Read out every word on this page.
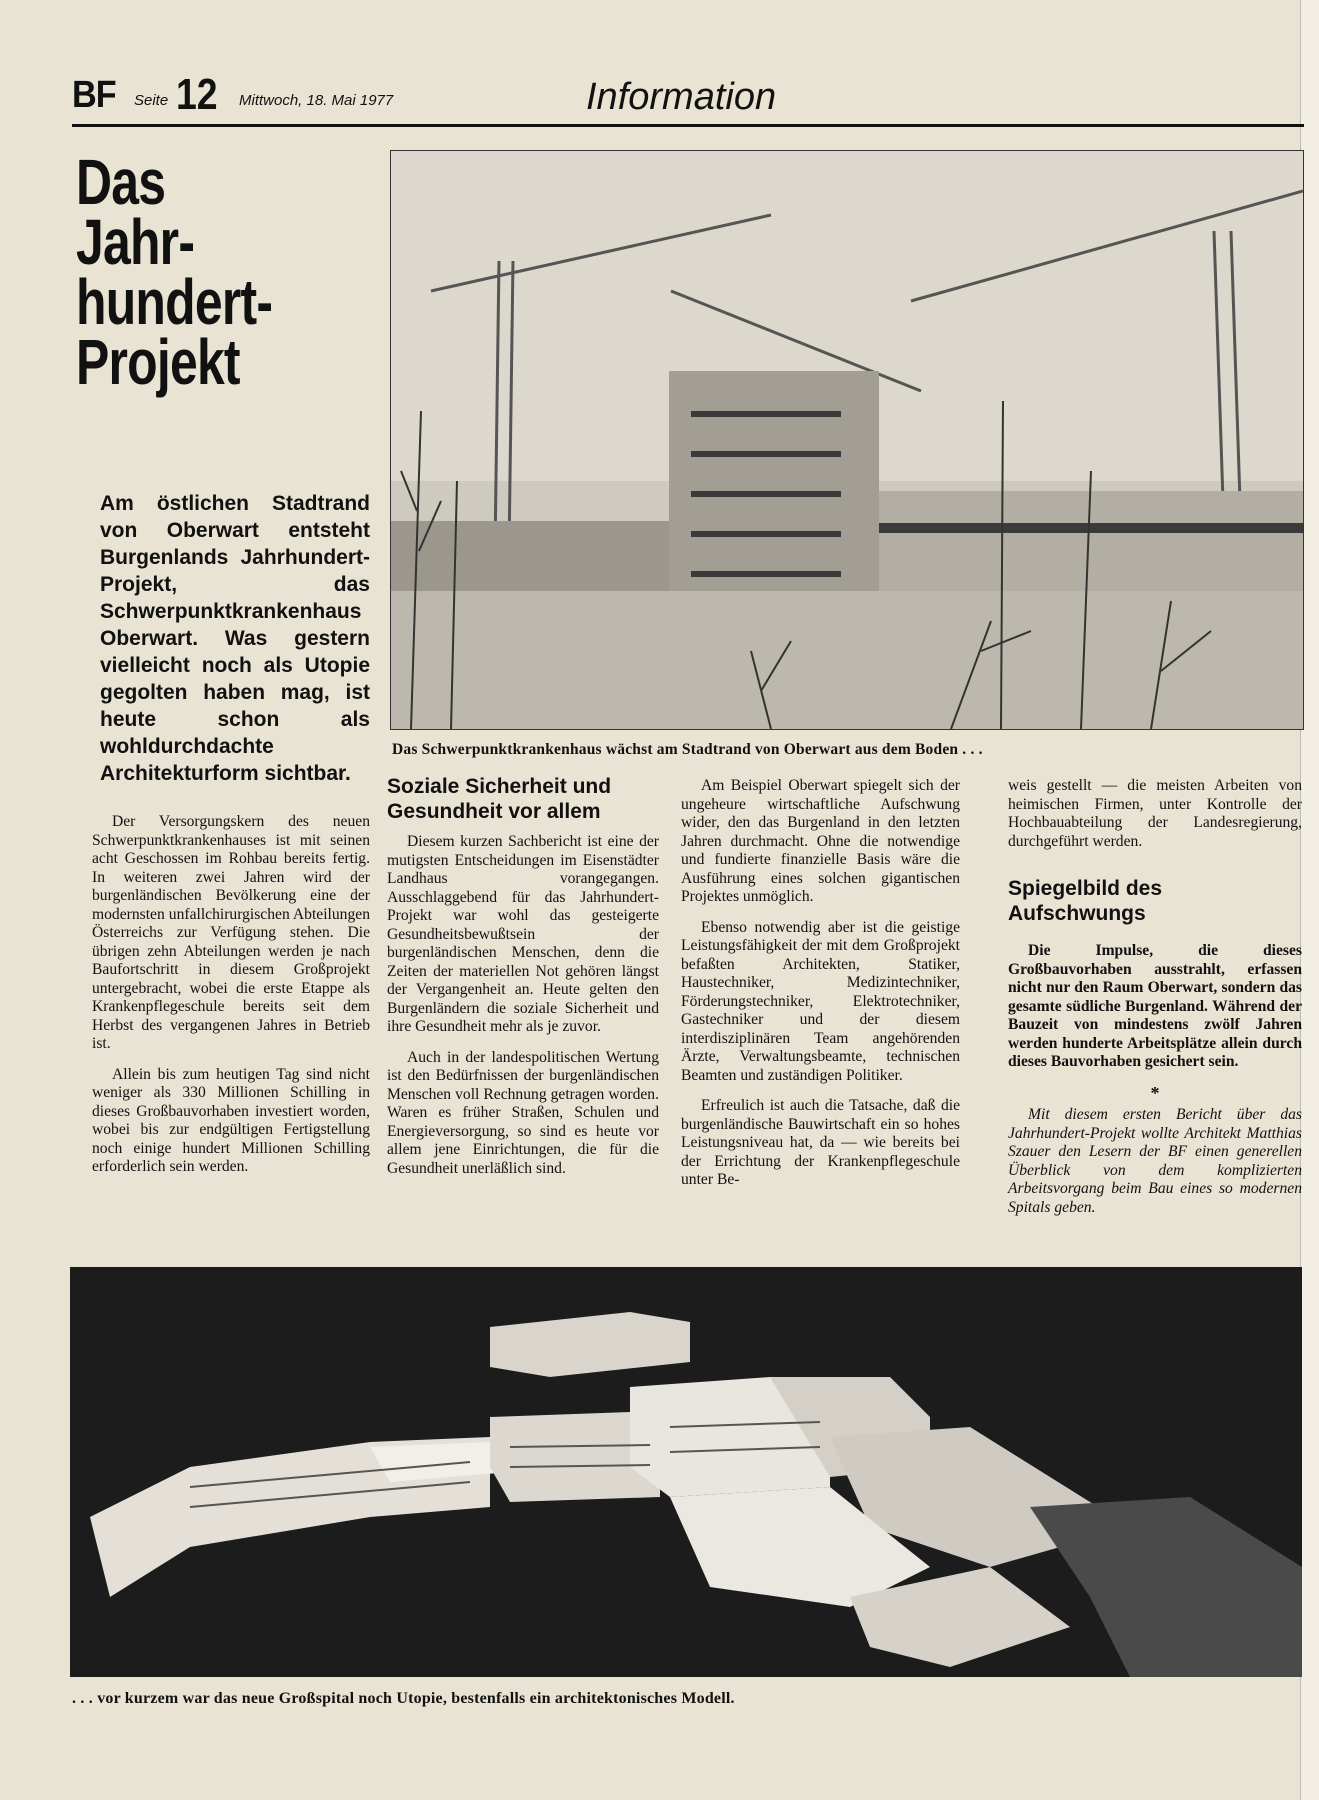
BF Seite 12 Mittwoch, 18. Mai 1977	Information
Das
Jahr-
hundert-
Projekt
Am östlichen Stadtrand von Oberwart entsteht Burgenlands Jahrhundert-Projekt, das Schwerpunktkrankenhaus Oberwart. Was gestern vielleicht noch als Utopie gegolten haben mag, ist heute schon als wohldurchdachte Architekturform sichtbar.

Der Versorgungskern des neuen Schwerpunktkrankenhauses ist mit seinen acht Geschossen im Rohbau bereits fertig. In weiteren zwei Jahren wird der burgenländischen Bevölkerung eine der modernsten unfallchirurgischen Abteilungen Österreichs zur Verfügung stehen. Die übrigen zehn Abteilungen werden je nach Baufortschritt in diesem Großprojekt untergebracht, wobei die erste Etappe als Krankenpflegeschule bereits seit dem Herbst des vergangenen Jahres in Betrieb ist.

Allein bis zum heutigen Tag sind nicht weniger als 330 Millionen Schilling in dieses Großbauvorhaben investiert worden, wobei bis zur endgültigen Fertigstellung noch einige hundert Millionen Schilling erforderlich sein werden.

Soziale Sicherheit und Gesundheit vor allem

Diesem kurzen Sachbericht ist eine der mutigsten Entscheidungen im Eisenstädter Landhaus vorangegangen. Ausschlaggebend für das Jahrhundert-Projekt war wohl das gesteigerte Gesundheitsbewußtsein der burgenländischen Menschen, denn die Zeiten der materiellen Not gehören längst der Vergangenheit an. Heute gelten den Burgenländern die soziale Sicherheit und ihre Gesundheit mehr als je zuvor.

Auch in der landespolitischen Wertung ist den Bedürfnissen der burgenländischen Menschen voll Rechnung getragen worden. Waren es früher Straßen, Schulen und Energieversorgung, so sind es heute vor allem jene Einrichtungen, die für die Gesundheit unerläßlich sind.

Am Beispiel Oberwart spiegelt sich der ungeheure wirtschaftliche Aufschwung wider, den das Burgenland in den letzten Jahren durchmacht. Ohne die notwendige und fundierte finanzielle Basis wäre die Ausführung eines solchen gigantischen Projektes unmöglich.

Ebenso notwendig aber ist die geistige Leistungsfähigkeit der mit dem Großprojekt befaßten Architekten, Statiker, Haustechniker, Medizintechniker, Förderungstechniker, Elektrotechniker, Gastechniker und der diesem interdisziplinären Team angehörenden Ärzte, Verwaltungsbeamte, technischen Beamten und zuständigen Politiker.

Erfreulich ist auch die Tatsache, daß die burgenländische Bauwirtschaft ein so hohes Leistungsniveau hat, da — wie bereits bei der Errichtung der Krankenpflegeschule unter Be-

weis gestellt — die meisten Arbeiten von heimischen Firmen, unter Kontrolle der Hochbauabteilung der Landesregierung, durchgeführt werden.

Spiegelbild des Aufschwungs

Die Impulse, die dieses Großbauvorhaben ausstrahlt, erfassen nicht nur den Raum Oberwart, sondern das gesamte südliche Burgenland. Während der Bauzeit von mindestens zwölf Jahren werden hunderte Arbeitsplätze allein durch dieses Bauvorhaben gesichert sein.

*

Mit diesem ersten Bericht über das Jahrhundert-Projekt wollte Architekt Matthias Szauer den Lesern der BF einen generellen Überblick von dem komplizierten Arbeitsvorgang beim Bau eines so modernen Spitals geben.

Das Schwerpunktkrankenhaus wächst am Stadtrand von Oberwart aus dem Boden . . .
. . . vor kurzem war das neue Großspital noch Utopie, bestenfalls ein architektonisches Modell.
